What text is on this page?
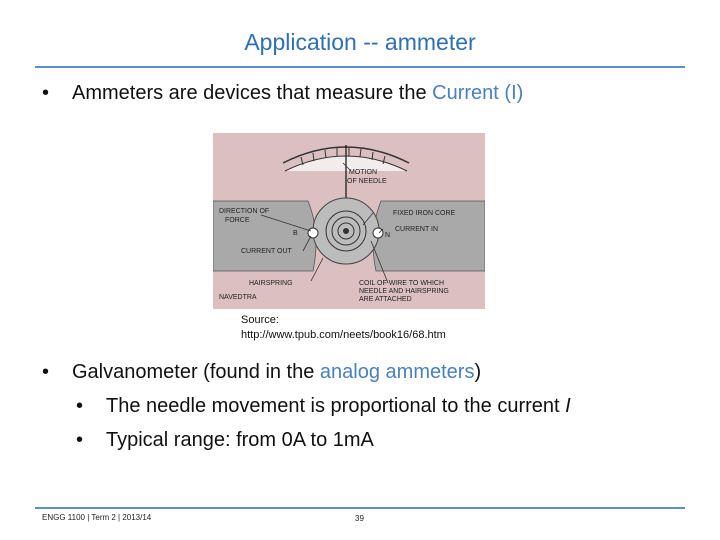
Application -- ammeter
• Ammeters are devices that measure the Current (I)
MOTION
OF NEEDLE
DIRECTION OF
FORCE
FIXED IRON CORE
CURRENT IN
CURRENT OUT
B	N
HAIRSPRING	COIL OF WIRE TO WHICH
NEEDLE AND HAIRSPRING
ARE ATTACHED
NAVEDTRA
Source:
http://www.tpub.com/neets/book16/68.htm
• Galvanometer (found in the analog ammeters)
• The needle movement is proportional to the current I
• Typical range: from 0A to 1mA
ENGG 1100 | Term 2 | 2013/14	39
